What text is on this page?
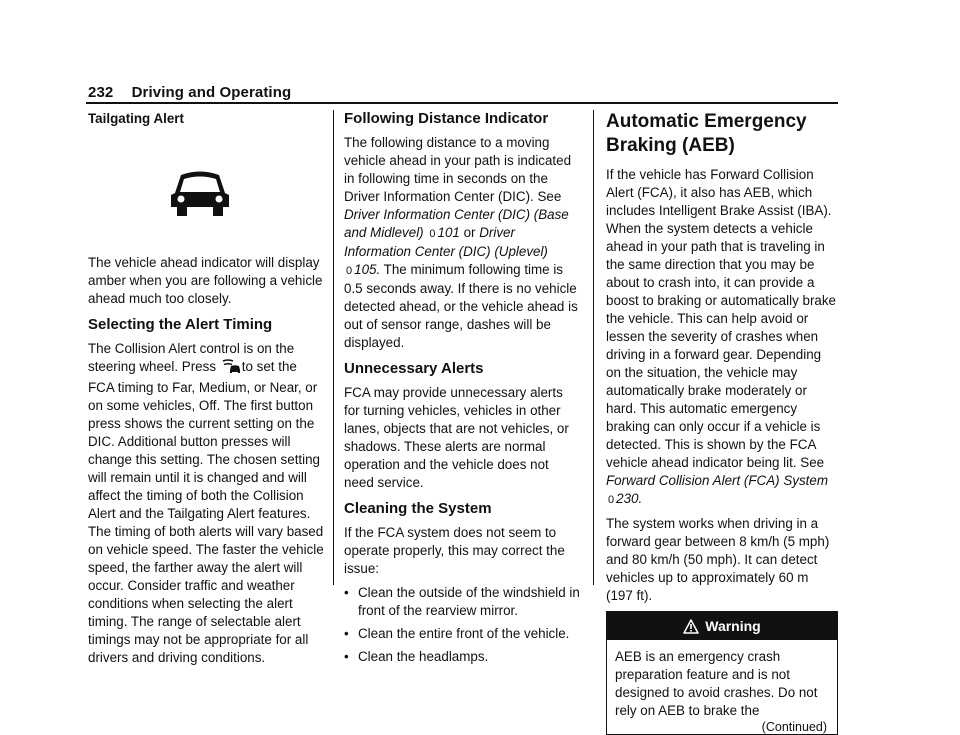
232 Driving and Operating
Tailgating Alert

The vehicle ahead indicator will display amber when you are following a vehicle ahead much too closely.

Selecting the Alert Timing

The Collision Alert control is on the steering wheel. Press to set the FCA timing to Far, Medium, or Near, or on some vehicles, Off. The first button press shows the current setting on the DIC. Additional button presses will change this setting. The chosen setting will remain until it is changed and will affect the timing of both the Collision Alert and the Tailgating Alert features. The timing of both alerts will vary based on vehicle speed. The faster the vehicle speed, the farther away the alert will occur. Consider traffic and weather conditions when selecting the alert timing. The range of selectable alert timings may not be appropriate for all drivers and driving conditions.

Following Distance Indicator

The following distance to a moving vehicle ahead in your path is indicated in following time in seconds on the Driver Information Center (DIC). See Driver Information Center (DIC) (Base and Midlevel) 0 101 or Driver Information Center (DIC) (Uplevel) 0 105. The minimum following time is 0.5 seconds away. If there is no vehicle detected ahead, or the vehicle ahead is out of sensor range, dashes will be displayed.

Unnecessary Alerts

FCA may provide unnecessary alerts for turning vehicles, vehicles in other lanes, objects that are not vehicles, or shadows. These alerts are normal operation and the vehicle does not need service.

Cleaning the System

If the FCA system does not seem to operate properly, this may correct the issue:

• Clean the outside of the windshield in front of the rearview mirror.
• Clean the entire front of the vehicle.
• Clean the headlamps.
Automatic Emergency
Braking (AEB)

If the vehicle has Forward Collision Alert (FCA), it also has AEB, which includes Intelligent Brake Assist (IBA). When the system detects a vehicle ahead in your path that is traveling in the same direction that you may be about to crash into, it can provide a boost to braking or automatically brake the vehicle. This can help avoid or lessen the severity of crashes when driving in a forward gear. Depending on the situation, the vehicle may automatically brake moderately or hard. This automatic emergency braking can only occur if a vehicle is detected. This is shown by the FCA vehicle ahead indicator being lit. See Forward Collision Alert (FCA) System 0 230.

The system works when driving in a forward gear between 8 km/h (5 mph) and 80 km/h (50 mph). It can detect vehicles up to approximately 60 m (197 ft).

Warning

AEB is an emergency crash preparation feature and is not designed to avoid crashes. Do not rely on AEB to brake the

(Continued)
